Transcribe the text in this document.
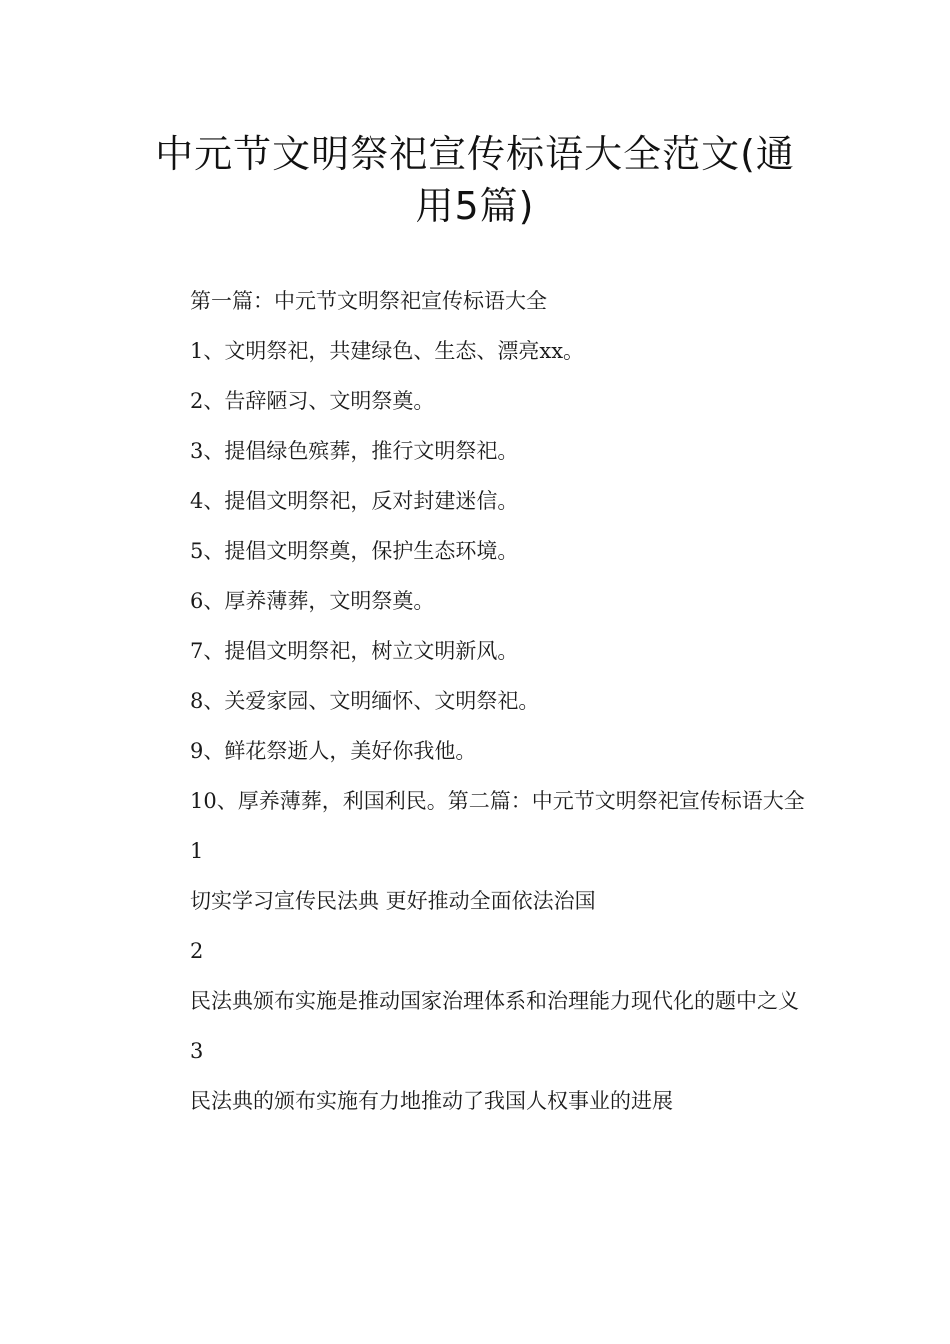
中元节文明祭祀宣传标语大全范文(通用5篇)

第一篇：中元节文明祭祀宣传标语大全

1、文明祭祀，共建绿色、生态、漂亮xx。

2、告辞陋习、文明祭奠。

3、提倡绿色殡葬，推行文明祭祀。

4、提倡文明祭祀，反对封建迷信。

5、提倡文明祭奠，保护生态环境。

6、厚养薄葬，文明祭奠。

7、提倡文明祭祀，树立文明新风。

8、关爱家园、文明缅怀、文明祭祀。

9、鲜花祭逝人，美好你我他。

10、厚养薄葬，利国利民。第二篇：中元节文明祭祀宣传标语大全

1

切实学习宣传民法典 更好推动全面依法治国

2

民法典颁布实施是推动国家治理体系和治理能力现代化的题中之义

3

民法典的颁布实施有力地推动了我国人权事业的进展
